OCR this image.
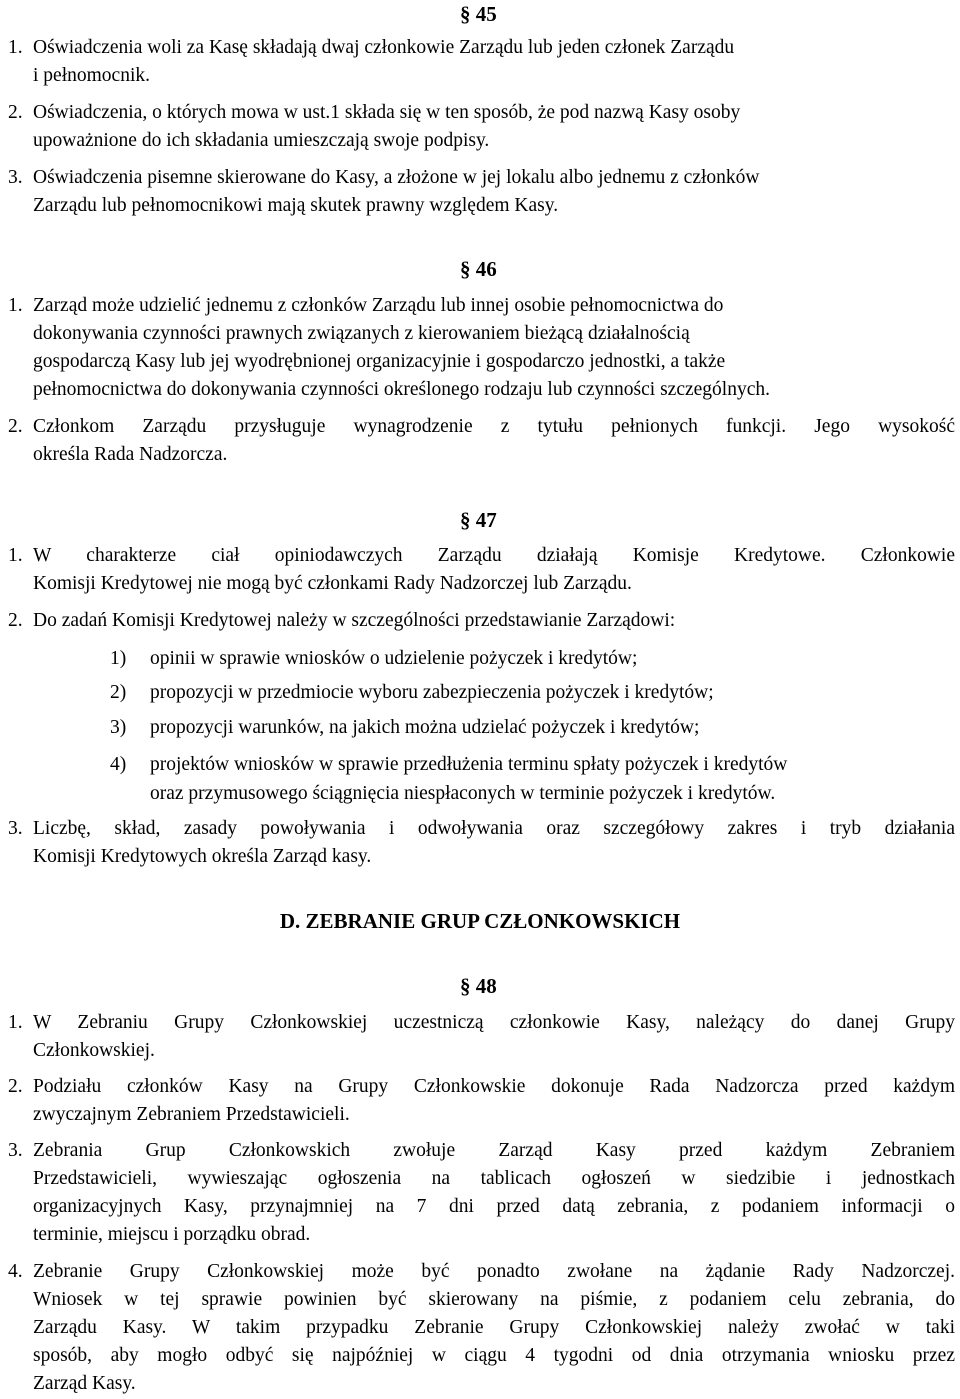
§ 45
1. Oświadczenia woli za Kasę składają dwaj członkowie Zarządu lub jeden członek Zarządu
i pełnomocnik.
2. Oświadczenia, o których mowa w ust.1 składa się w ten sposób, że pod nazwą Kasy osoby
upoważnione do ich składania umieszczają swoje podpisy.
3. Oświadczenia pisemne skierowane do Kasy, a złożone w jej lokalu albo jednemu z członków
Zarządu lub pełnomocnikowi mają skutek prawny względem Kasy.
§ 46
1. Zarząd może udzielić jednemu z członków Zarządu lub innej osobie pełnomocnictwa do
dokonywania czynności prawnych związanych z kierowaniem bieżącą działalnością
gospodarczą Kasy lub jej wyodrębnionej organizacyjnie i gospodarczo jednostki, a także
pełnomocnictwa do dokonywania czynności określonego rodzaju lub czynności szczególnych.
2. Członkom Zarządu przysługuje wynagrodzenie z tytułu pełnionych funkcji. Jego wysokość
określa Rada Nadzorcza.
§ 47
1. W charakterze ciał opiniodawczych Zarządu działają Komisje Kredytowe. Członkowie
Komisji Kredytowej nie mogą być członkami Rady Nadzorczej lub Zarządu.
2. Do zadań Komisji Kredytowej należy w szczególności przedstawianie Zarządowi:
1) opinii w sprawie wniosków o udzielenie pożyczek i kredytów;
2) propozycji w przedmiocie wyboru zabezpieczenia pożyczek i kredytów;
3) propozycji warunków, na jakich można udzielać pożyczek i kredytów;
4) projektów wniosków w sprawie przedłużenia terminu spłaty pożyczek i kredytów
oraz przymusowego ściągnięcia niespłaconych w terminie pożyczek i kredytów.
3. Liczbę, skład, zasady powoływania i odwoływania oraz szczegółowy zakres i tryb działania
Komisji Kredytowych określa Zarząd kasy.
D. ZEBRANIE GRUP CZŁONKOWSKICH
§ 48
1. W Zebraniu Grupy Członkowskiej uczestniczą członkowie Kasy, należący do danej Grupy
Członkowskiej.
2. Podziału członków Kasy na Grupy Członkowskie dokonuje Rada Nadzorcza przed każdym
zwyczajnym Zebraniem Przedstawicieli.
3. Zebrania Grup Członkowskich zwołuje Zarząd Kasy przed każdym Zebraniem
Przedstawicieli, wywieszając ogłoszenia na tablicach ogłoszeń w siedzibie i jednostkach
organizacyjnych Kasy, przynajmniej na 7 dni przed datą zebrania, z podaniem informacji o
terminie, miejscu i porządku obrad.
4. Zebranie Grupy Członkowskiej może być ponadto zwołane na żądanie Rady Nadzorczej.
Wniosek w tej sprawie powinien być skierowany na piśmie, z podaniem celu zebrania, do
Zarządu Kasy. W takim przypadku Zebranie Grupy Członkowskiej należy zwołać w taki
sposób, aby mogło odbyć się najpóźniej w ciągu 4 tygodni od dnia otrzymania wniosku przez
Zarząd Kasy.
